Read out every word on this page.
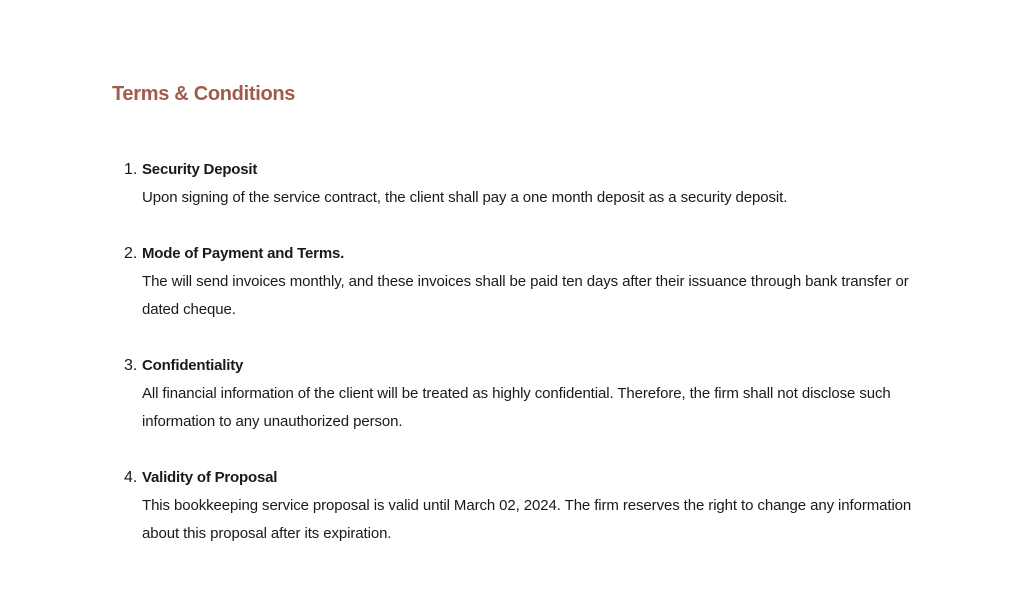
Terms & Conditions
1. Security Deposit

Upon signing of the service contract, the client shall pay a one month deposit as a security deposit.

2. Mode of Payment and Terms.

The will send invoices monthly, and these invoices shall be paid ten days after their issuance through bank transfer or dated cheque.

3. Confidentiality

All financial information of the client will be treated as highly confidential. Therefore, the firm shall not disclose such information to any unauthorized person.

4. Validity of Proposal

This bookkeeping service proposal is valid until March 02, 2024. The firm reserves the right to change any information about this proposal after its expiration.
